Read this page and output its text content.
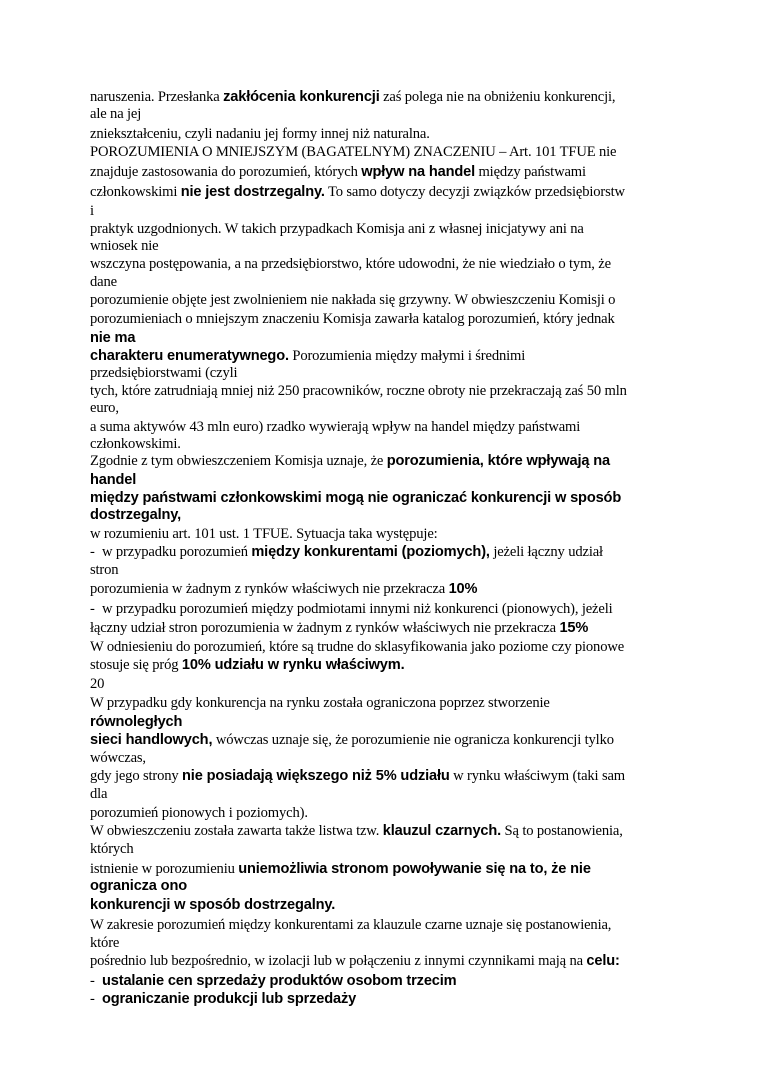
naruszenia. Przesłanka zakłócenia konkurencji zaś polega nie na obniżeniu konkurencji,
ale na jej
zniekształceniu, czyli nadaniu jej formy innej niż naturalna.
POROZUMIENIA O MNIEJSZYM (BAGATELNYM) ZNACZENIU – Art. 101 TFUE nie
znajduje zastosowania do porozumień, których wpływ na handel między państwami
członkowskimi nie jest dostrzegalny. To samo dotyczy decyzji związków przedsiębiorstw
i
praktyk uzgodnionych. W takich przypadkach Komisja ani z własnej inicjatywy ani na
wniosek nie
wszczyna postępowania, a na przedsiębiorstwo, które udowodni, że nie wiedziało o tym, że
dane
porozumienie objęte jest zwolnieniem nie nakłada się grzywny. W obwieszczeniu Komisji o
porozumieniach o mniejszym znaczeniu Komisja zawarła katalog porozumień, który jednak
nie ma
charakteru enumeratywnego. Porozumienia między małymi i średnimi
przedsiębiorstwami (czyli
tych, które zatrudniają mniej niż 250 pracowników, roczne obroty nie przekraczają zaś 50 mln
euro,
a suma aktywów 43 mln euro) rzadko wywierają wpływ na handel między państwami
członkowskimi.
Zgodnie z tym obwieszczeniem Komisja uznaje, że porozumienia, które wpływają na
handel
między państwami członkowskimi mogą nie ograniczać konkurencji w sposób
dostrzegalny,
w rozumieniu art. 101 ust. 1 TFUE. Sytuacja taka występuje:
- w przypadku porozumień między konkurentami (poziomych), jeżeli łączny udział
stron
porozumienia w żadnym z rynków właściwych nie przekracza 10%
- w przypadku porozumień między podmiotami innymi niż konkurenci (pionowych), jeżeli
łączny udział stron porozumienia w żadnym z rynków właściwych nie przekracza 15%
W odniesieniu do porozumień, które są trudne do sklasyfikowania jako poziome czy pionowe
stosuje się próg 10% udziału w rynku właściwym.
20
W przypadku gdy konkurencja na rynku została ograniczona poprzez stworzenie
równoległych
sieci handlowych, wówczas uznaje się, że porozumienie nie ogranicza konkurencji tylko
wówczas,
gdy jego strony nie posiadają większego niż 5% udziału w rynku właściwym (taki sam
dla
porozumień pionowych i poziomych).
W obwieszczeniu została zawarta także listwa tzw. klauzul czarnych. Są to postanowienia,
których
istnienie w porozumieniu uniemożliwia stronom powoływanie się na to, że nie
ogranicza ono
konkurencji w sposób dostrzegalny.
W zakresie porozumień między konkurentami za klauzule czarne uznaje się postanowienia,
które
pośrednio lub bezpośrednio, w izolacji lub w połączeniu z innymi czynnikami mają na celu:
- ustalanie cen sprzedaży produktów osobom trzecim
- ograniczanie produkcji lub sprzedaży
